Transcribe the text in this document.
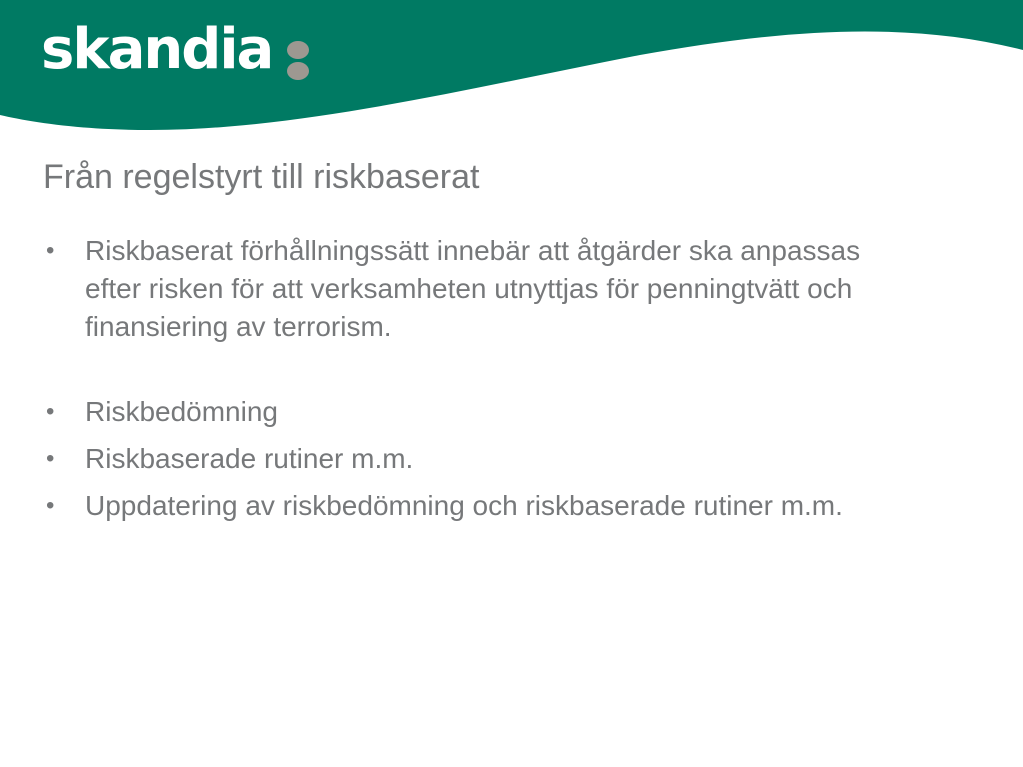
skandia
Från regelstyrt till riskbaserat
• Riskbaserat förhållningssätt innebär att åtgärder ska anpassas efter risken för att verksamheten utnyttjas för penningtvätt och finansiering av terrorism.
• Riskbedömning
• Riskbaserade rutiner m.m.
• Uppdatering av riskbedömning och riskbaserade rutiner m.m.
